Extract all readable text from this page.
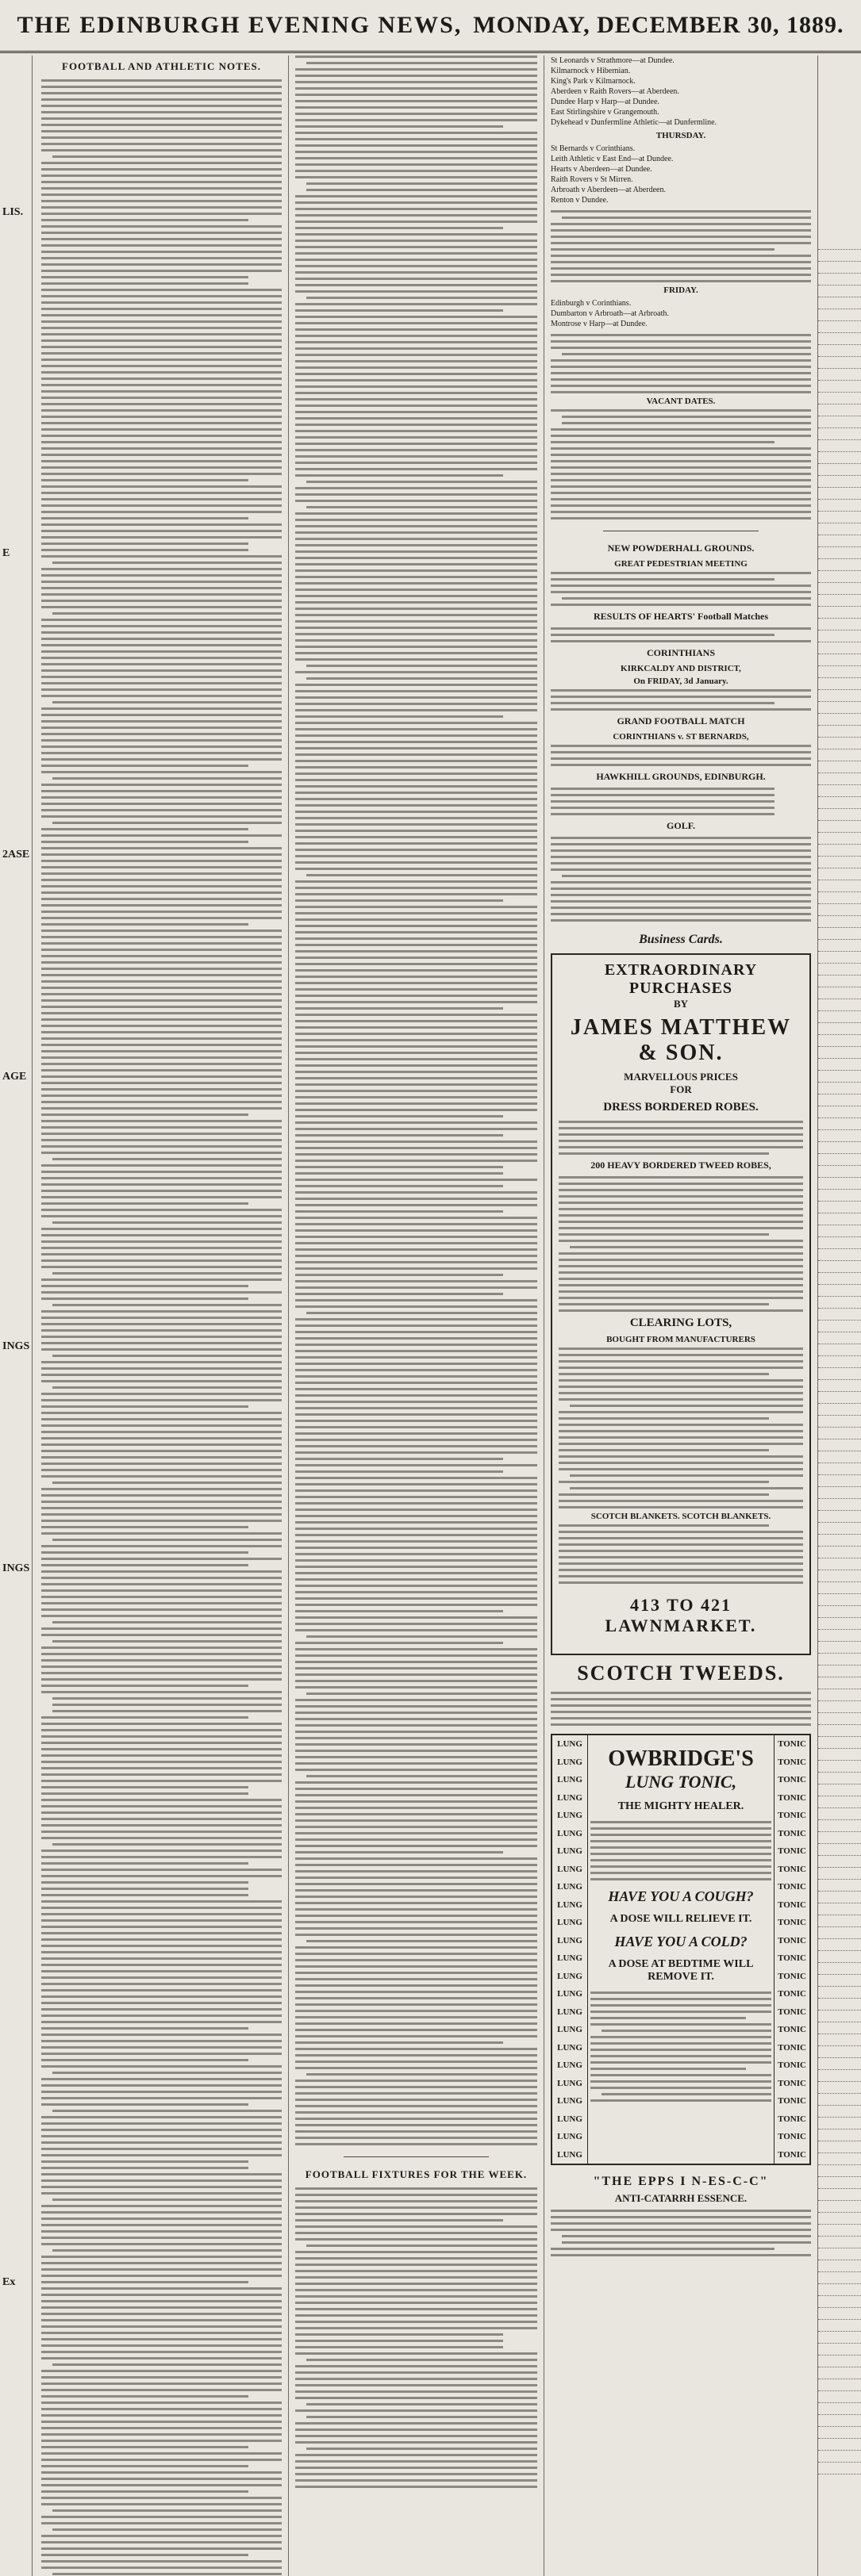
THE EDINBURGH EVENING NEWS, MONDAY, DECEMBER 30, 1889.
LIS.
E
2ASE
AGE
INGS
INGS
Ex
FOOTBALL AND ATHLETIC NOTES.
FOOTBALL FIXTURES FOR THE WEEK.
St Leonards v Strathmore—at Dundee.
Kilmarnock v Hibernian.
King's Park v Kilmarnock.
Aberdeen v Raith Rovers—at Aberdeen.
Dundee Harp v Harp—at Dundee.
East Stirlingshire v Grangemouth.
Dykehead v Dunfermline Athletic—at Dunfermline.
THURSDAY.
St Bernards v Corinthians.
Leith Athletic v East End—at Dundee.
Hearts v Aberdeen—at Dundee.
Raith Rovers v St Mirren.
Arbroath v Aberdeen—at Aberdeen.
Renton v Dundee.
FRIDAY.
Edinburgh v Corinthians.
Dumbarton v Arbroath—at Arbroath.
Montrose v Harp—at Dundee.
VACANT DATES.
NEW POWDERHALL GROUNDS.
GREAT PEDESTRIAN MEETING
RESULTS OF HEARTS' Football Matches
CORINTHIANS
KIRKCALDY AND DISTRICT,
On FRIDAY, 3d January.
GRAND FOOTBALL MATCH
CORINTHIANS v. ST BERNARDS,
HAWKHILL GROUNDS, EDINBURGH.
GOLF.
Business Cards.
EXTRAORDINARY PURCHASES
BY
JAMES MATTHEW & SON.
MARVELLOUS PRICES
FOR
DRESS BORDERED ROBES.
200 HEAVY BORDERED TWEED ROBES,
CLEARING LOTS,
BOUGHT FROM MANUFACTURERS
SCOTCH BLANKETS. SCOTCH BLANKETS.
413 TO 421 LAWNMARKET.
SCOTCH TWEEDS.
LUNG
LUNG
LUNG
LUNG
LUNG
LUNG
LUNG
LUNG
LUNG
LUNG
LUNG
LUNG
LUNG
LUNG
LUNG
LUNG
LUNG
LUNG
LUNG
LUNG
LUNG
LUNG
LUNG
LUNG
TONIC
TONIC
TONIC
TONIC
TONIC
TONIC
TONIC
TONIC
TONIC
TONIC
TONIC
TONIC
TONIC
TONIC
TONIC
TONIC
TONIC
TONIC
TONIC
TONIC
TONIC
TONIC
TONIC
TONIC
OWBRIDGE'S
LUNG TONIC,
THE MIGHTY HEALER.
HAVE YOU A COUGH?
A DOSE WILL RELIEVE IT.
HAVE YOU A COLD?
A DOSE AT BEDTIME WILL REMOVE IT.
"THE EPPS I N-ES-C-C"
ANTI-CATARRH ESSENCE.
